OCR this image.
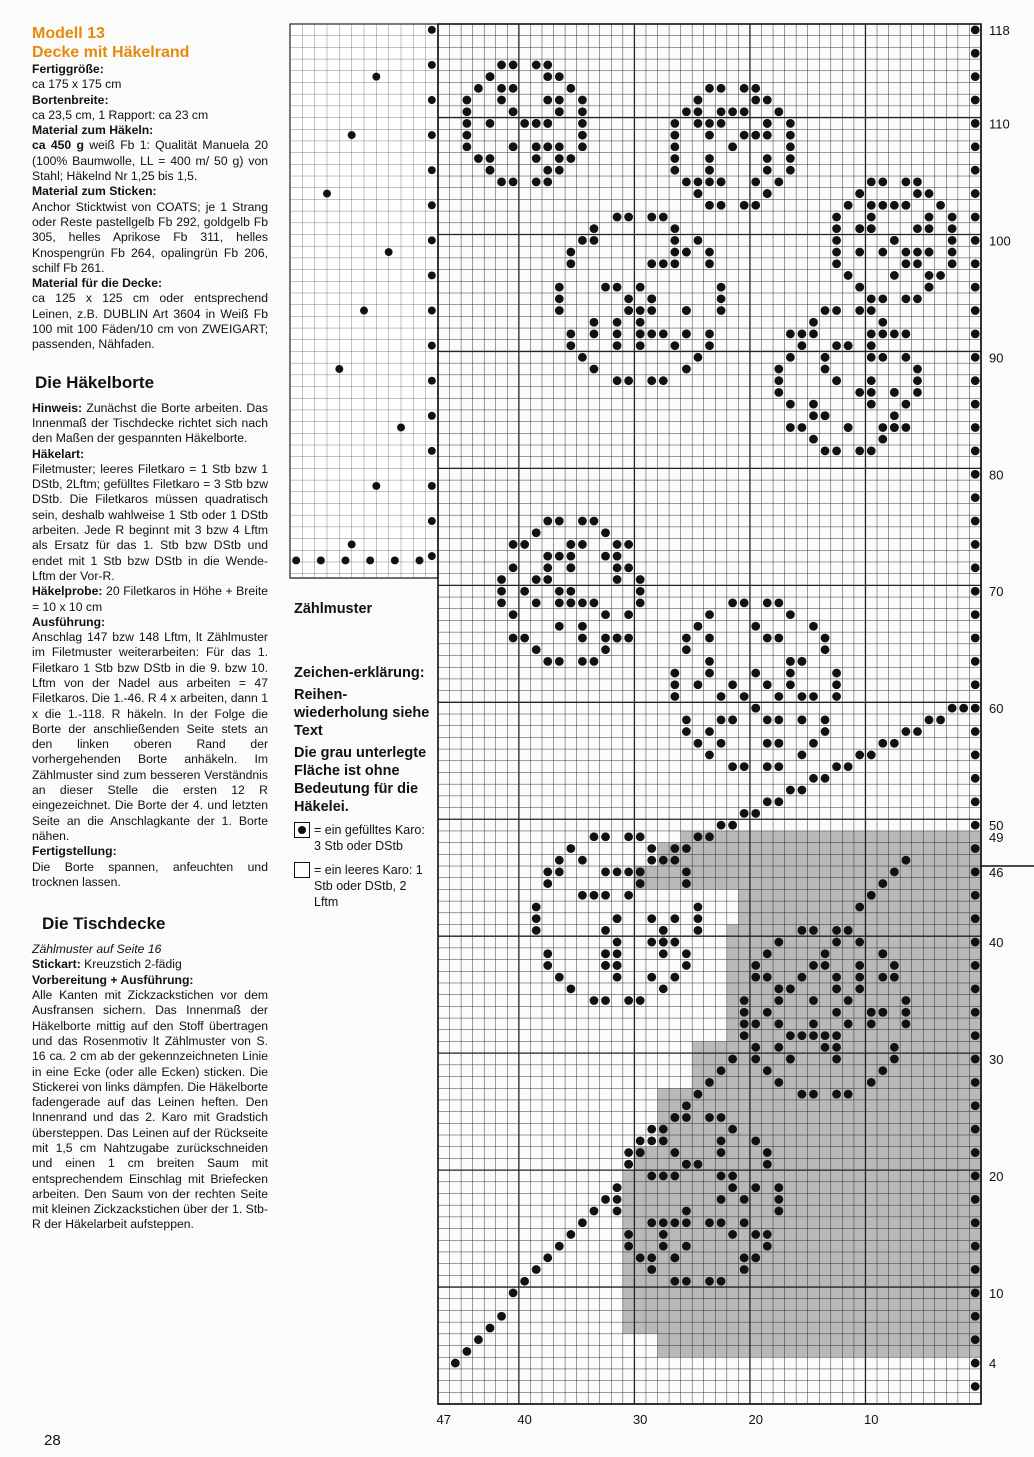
Modell 13
Decke mit Häkelrand
Fertiggröße:
ca 175 x 175 cm
Bortenbreite:
ca 23,5 cm, 1 Rapport: ca 23 cm
Material zum Häkeln:
ca 450 g weiß Fb 1: Qualität Manuela 20 (100% Baumwolle, LL = 400 m/ 50 g) von Stahl; Häkelnd Nr 1,25 bis 1,5.
Material zum Sticken:
Anchor Sticktwist von COATS; je 1 Strang oder Reste pastellgelb Fb 292, goldgelb Fb 305, helles Aprikose Fb 311, helles Knospengrün Fb 264, opalingrün Fb 206, schilf Fb 261.
Material für die Decke:
ca 125 x 125 cm oder entsprechend Leinen, z.B. DUBLIN Art 3604 in Weiß Fb 100 mit 100 Fäden/10 cm von ZWEIGART; passenden, Nähfaden.
Die Häkelborte
Hinweis: Zunächst die Borte arbeiten. Das Innenmaß der Tischdecke richtet sich nach den Maßen der gespannten Häkelborte.
Häkelart:
Filetmuster; leeres Filetkaro = 1 Stb bzw 1 DStb, 2Lftm; gefülltes Filetkaro = 3 Stb bzw DStb. Die Filetkaros müssen quadratisch sein, deshalb wahlweise 1 Stb oder 1 DStb arbeiten. Jede R beginnt mit 3 bzw 4 Lftm als Ersatz für das 1. Stb bzw DStb und endet mit 1 Stb bzw DStb in die Wende-Lftm der Vor-R.
Häkelprobe: 20 Filetkaros in Höhe + Breite = 10 x 10 cm
Ausführung:
Anschlag 147 bzw 148 Lftm, lt Zählmuster im Filetmuster weiterarbeiten: Für das 1. Filetkaro 1 Stb bzw DStb in die 9. bzw 10. Lftm von der Nadel aus arbeiten = 47 Filetkaros. Die 1.-46. R 4 x arbeiten, dann 1 x die 1.-118. R häkeln. In der Folge die Borte der anschließenden Seite stets an den linken oberen Rand der vorhergehenden Borte anhäkeln. Im Zählmuster sind zum besseren Verständnis an dieser Stelle die ersten 12 R eingezeichnet. Die Borte der 4. und letzten Seite an die Anschlagkante der 1. Borte nähen.
Fertigstellung:
Die Borte spannen, anfeuchten und trocknen lassen.
Die Tischdecke
Zählmuster auf Seite 16
Stickart: Kreuzstich 2-fädig
Vorbereitung + Ausführung:
Alle Kanten mit Zickzackstichen vor dem Ausfransen sichern. Das Innenmaß der Häkelborte mittig auf den Stoff übertragen und das Rosenmotiv lt Zählmuster von S. 16 ca. 2 cm ab der gekennzeichneten Linie in eine Ecke (oder alle Ecken) sticken. Die Stickerei von links dämpfen. Die Häkelborte fadengerade auf das Leinen heften. Den Innenrand und das 2. Karo mit Gradstich übersteppen. Das Leinen auf der Rückseite mit 1,5 cm Nahtzugabe zurückschneiden und einen 1 cm breiten Saum mit entsprechendem Einschlag mit Briefecken arbeiten. Den Saum von der rechten Seite mit kleinen Zickzackstichen über der 1. Stb-R der Häkelarbeit aufsteppen.
28
Zählmuster
Zeichen-erklärung:
Reihen-wiederholung siehe Text
Die grau unterlegte Fläche ist ohne Bedeutung für die Häkelei.
= ein gefülltes Karo: 3 Stb oder DStb
= ein leeres Karo: 1 Stb oder DStb, 2 Lftm
118
110
100
90
80
70
60
50
49
46
40
30
20
10
4
47	40	30	20	10
